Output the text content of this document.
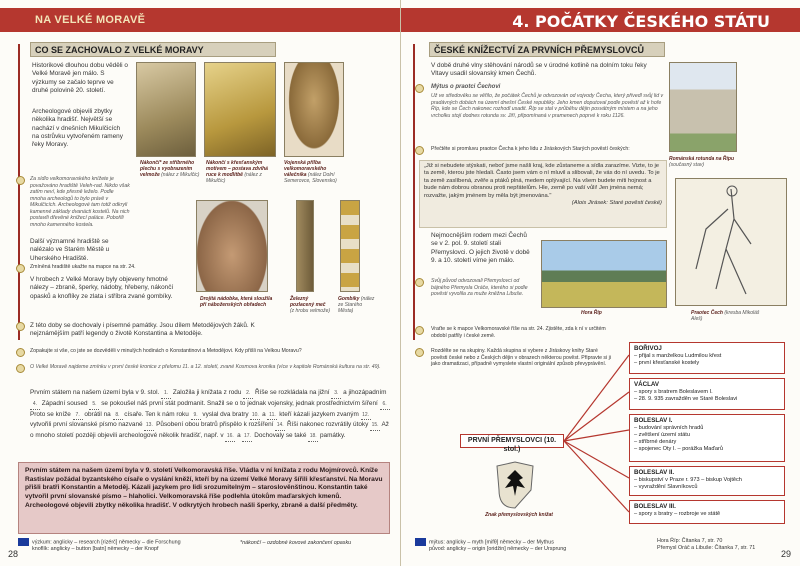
NA VELKÉ MORAVĚ
CO SE ZACHOVALO Z VELKÉ MORAVY
Historikové dlouhou dobu věděli o Velké Moravě jen málo. S výzkumy se začalo teprve ve druhé polovině 20. století.
Archeologové objevili zbytky několika hradišť. Největší se nachází v dnešních Mikulčicích na ostrůvku vytvořeném rameny řeky Moravy.
Nákončí* ze stříbrného plechu s vyobrazením velmože (nález z Mikulčic)
Nákončí s křesťanským motivem – postava zdvíhá ruce k modlitbě (nález z Mikulčic)
Vojenská přilba velkomoravského válečníka (nález Dolní Semerovce, Slovensko)
Za sídlo velkomoravského knížete je považováno hradiště Veleh-rad. Nikdo však zatím neví, kde přesně leželo. Podle mnoha archeologů to bylo právě v Mikulčicích. Archeologové tam totiž odkryli kamenné základy dvanácti kostelů. Na nich postavili dřevěné knížecí paláce. Pobořili mnoho kamenného kostela.
Další významné hradiště se nalézalo ve Starém Městě u Uherského Hradiště.
Zmíněná hradiště ukažte na mapce na str. 24.
Drojitá nádobka, která sloužila při náboženských obřadech
Železný pozlacený meč (z hrobu velmože)
Gombíky (nález ze Starého Města)
V hrobech z Velké Moravy byly objeveny hmotné nálezy – zbraně, šperky, nádoby, hřebeny, nákončí opasků a knoflíky ze zlata i stříbra zvané gombíky.
Z této doby se dochovaly i písemné památky. Jsou dílem Metodějových žáků. K nejznámějším patří legendy o životě Konstantina a Metoděje.
Zopakujte si vše, co jste se dozvěděli v minulých hodinách o Konstantinovi a Metodějovi. Kdy přišli na Velkou Moravu?
O Velké Moravě najdeme zmínku v první české kronice z přelomu 11. a 12. století, zvané Kosmova kronika (více v kapitole Románská kultura na str. 49).
Prvním státem na našem území byla v 9. stol. 1. Založila ji knížata z rodu 2. Říše se rozkládala na jižní 3. a jihozápadním 4. Západní soused 5. se pokoušel náš první stát podmanit. Snažil se o to jednak vojensky, jednak prostřednictvím šíření 6. Proto se kníže 7. obrátil na 8. císaře. Ten k nám roku 9. vyslal dva bratry 10. a 11. kteří kázali jazykem zvaným 12. vytvořili první slovanské písmo nazvané 13. Působení obou bratrů přispělo k rozšíření 14. Říši nakonec rozvrátily útoky 15. Až o mnoho století později objevili archeologové několik hradišť, např. v 16. a 17. Dochovaly se také 18. památky.
Prvním státem na našem území byla v 9. století Velkomoravská říše. Vládla v ní knížata z rodu Mojmírovců. Kníže Rastislav požádal byzantského císaře o vyslání kněží, kteří by na území Velké Moravy šířili křesťanství. Na Moravu přišli bratři Konstantin a Metoděj. Kázali jazykem pro lidi srozumitelným – staroslověnštinou. Konstantin také vytvořil první slovanské písmo – hlaholici. Velkomoravská říše podlehla útokům maďarských kmenů. Archeologové objevili zbytky několika hradišť. V odkrytých hrobech našli šperky, zbraně a další předměty.
výzkum: anglicky – research [rizérč] německy – die Forschung
knoflík: anglicky – button [batn] německy – der Knopf
*nákončí – ozdobné kovové zakončení opasku
28
4. POČÁTKY ČESKÉHO STÁTU
ČESKÉ KNÍŽECTVÍ ZA PRVNÍCH PŘEMYSLOVCŮ
V době druhé vlny stěhování národů se v úrodné kotlině na dolním toku řeky Vltavy usadil slovanský kmen Čechů.
Mýtus o praotci Čechovi
Už ve středověku se věřilo, že počátek Čechů je odvozován od vojvody Čecha, který přivedl svůj lid v pradávných dobách na území dnešní České republiky. Jeho kmen doputoval podle pověstí až k hoře Říp, kde se Čech nakonec rozhodl usadit. Říp se stal v průběhu dějin posvátným místem a na jeho vrcholku stojí dodnes rotunda sv. Jiří, připomínaná v pramenech poprvé k roku 1126.
Románská rotunda na Řípu (současný stav)
Přečtěte si promluvu praotce Čecha k jeho lidu z Jiráskových Starých pověstí českých:
„Již si nebudete stýskati, neboť jsme našli kraj, kde zůstaneme a sídla zarazíme. Vizte, to je ta země, kterou jste hledali. Často jsem vám o ní mluvil a slibovali, že vás do ní uvedu. To je ta země zaslíbená, zvěře a ptáků plná, medem oplývající. Na všem budete míti hojnost a bude nám dobrou obranou proti nepřátelům. Hle, země po vaší vůli! Jen jména nemá; rozvažte, jakým jménem by měla být jmenována."
(Alois Jirásek: Staré pověsti české)
Nejmocnějším rodem mezi Čechů se v 2. pol. 9. století stali Přemyslovci. O jejich životě v době 9. a 10. století víme jen málo.
Svůj původ odvozovali Přemyslovci od bájného Přemysla Oráče, kterého si podle pověsti vyvolila za muže kněžna Libuše.
Hora Říp	Praotec Čech (kresba Mikoláš Aleš)
Vraťte se k mapce Velkomoravské říše na str. 24. Zjistěte, zda k ní v určitém období patřily i české země.
Rozdělte se na skupiny. Každá skupina si vybere z Jiráskovy knihy Staré pověsti české nebo z Českých dějin v obrazech některou pověst. Připravte si ji jako dramatizaci, případně vymyslete vlastní originální způsob převyprávění.
PRVNÍ PŘEMYSLOVCI (10. stol.)
BOŘIVOJ
– přijal s manželkou Ludmilou křest
– první křesťanské kostely
VÁCLAV
– spory s bratrem Boleslavem I.
– 28. 9. 935 zavražděn ve Staré Boleslavi
BOLESLAV I.
– budování správních hradů
– zvětšení území státu
– stříbrné denáry
– spojenec Oty I. – porážka Maďarů
BOLESLAV II.
– biskupství v Praze r. 973 – biskup Vojtěch
– vyvraždění Slavníkovců
BOLESLAV III.
– spory s bratry – rozbroje ve státě
Znak přemyslovských knížat
mýtus: anglicky – myth [mifθ] německy – der Mythus
původ: anglicky – origin [oridžin] německy – der Ursprung
Hora Říp: Čítanka 7, str. 70
Přemysl Oráč a Libuše: Čítanka 7, str. 71
29
